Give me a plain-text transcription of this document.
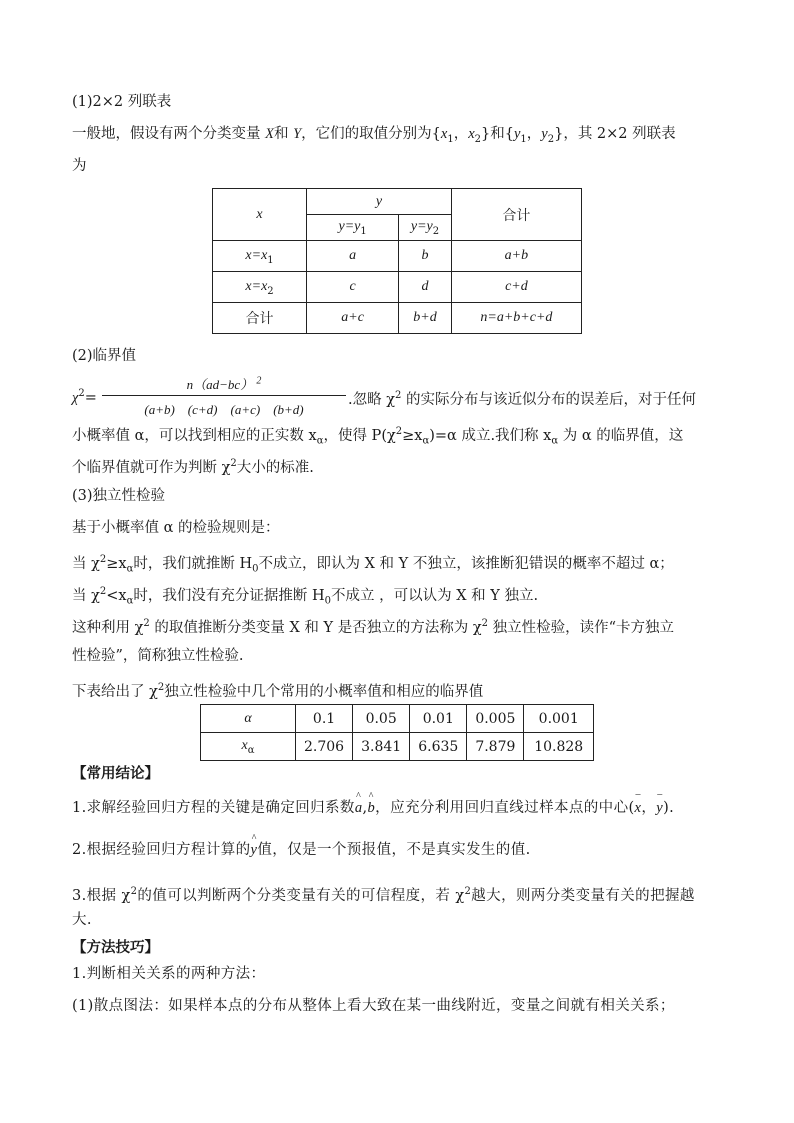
(1)2×2 列联表
一般地，假设有两个分类变量 X和 Y，它们的取值分别为{$x_1$，$x_2$}和{$y_1$，$y_2$}，其 2×2 列联表
为
x	y		合计
	$y=y_1$	$y=y_2$
$x=x_1$	a	b	a+b
$x=x_2$	c	d	c+d
合计	a+c	b+d	n=a+b+c+d
(2)临界值
$\chi^2=$
n（ad−bc） $^2$
(a+b)　(c+d)　(a+c)　(b+d)
.忽略 $\chi^2$ 的实际分布与该近似分布的误差后，对于任何
小概率值 α，可以找到相应的正实数 $x_\alpha$，使得 $P(\chi^2\ge x_\alpha)=\alpha$ 成立.我们称 $x_\alpha$ 为 α 的临界值，这
个临界值就可作为判断 $\chi^2$大小的标准.
(3)独立性检验
基于小概率值 α 的检验规则是：
当 $\chi^2\ge x_\alpha$时，我们就推断 $H_0$不成立，即认为 X 和 Y 不独立，该推断犯错误的概率不超过 α；
当 $\chi^2<x_\alpha$时，我们没有充分证据推断 $H_0$不成立 ，可以认为 X 和 Y 独立.
这种利用 $\chi^2$ 的取值推断分类变量 X 和 Y 是否独立的方法称为 $\chi^2$ 独立性检验，读作“卡方独立
性检验”，简称独立性检验.
下表给出了 $\chi^2$独立性检验中几个常用的小概率值和相应的临界值
α	0.1	0.05	0.01	0.005	0.001
$x_\alpha$	2.706	3.841	6.635	7.879	10.828
【常用结论】
1.求解经验回归方程的关键是确定回归系数^ a,^ b，应充分利用回归直线过样本点的中心(– x，– y).
2.根据经验回归方程计算的^ y值，仅是一个预报值，不是真实发生的值.
3.根据 $\chi^2$的值可以判断两个分类变量有关的可信程度，若 $\chi^2$越大，则两分类变量有关的把握越
大.
【方法技巧】
1.判断相关关系的两种方法：
(1)散点图法：如果样本点的分布从整体上看大致在某一曲线附近，变量之间就有相关关系；
